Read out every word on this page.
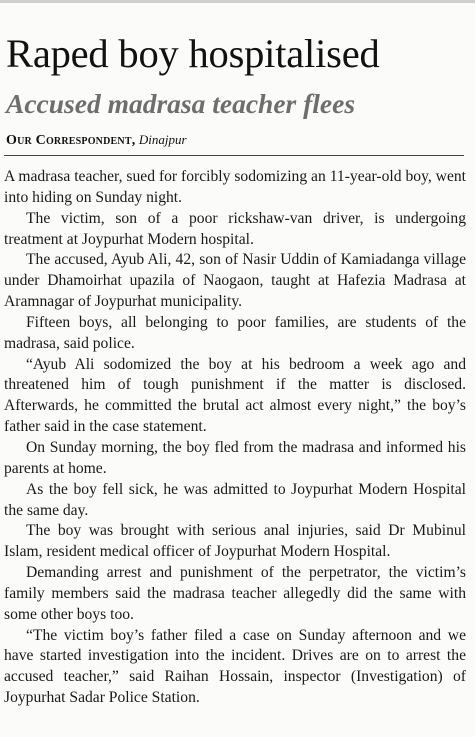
Raped boy hospitalised
Accused madrasa teacher flees
Our Correspondent, Dinajpur

A madrasa teacher, sued for forcibly sodomizing an 11-year-old boy, went into hiding on Sunday night.

The victim, son of a poor rickshaw-van driver, is undergoing treatment at Joypurhat Modern hospital.

The accused, Ayub Ali, 42, son of Nasir Uddin of Kamiadanga village under Dhamoirhat upazila of Naogaon, taught at Hafezia Madrasa at Aramnagar of Joypurhat municipality.

Fifteen boys, all belonging to poor families, are students of the madrasa, said police.

“Ayub Ali sodomized the boy at his bedroom a week ago and threatened him of tough punishment if the matter is disclosed. Afterwards, he committed the brutal act almost every night,” the boy’s father said in the case statement.

On Sunday morning, the boy fled from the madrasa and informed his parents at home.

As the boy fell sick, he was admitted to Joypurhat Modern Hospital the same day.

The boy was brought with serious anal injuries, said Dr Mubinul Islam, resident medical officer of Joypurhat Modern Hospital.

Demanding arrest and punishment of the perpetrator, the victim’s family members said the madrasa teacher allegedly did the same with some other boys too.

“The victim boy’s father filed a case on Sunday afternoon and we have started investigation into the incident. Drives are on to arrest the accused teacher,” said Raihan Hossain, inspector (Investigation) of Joypurhat Sadar Police Station.
